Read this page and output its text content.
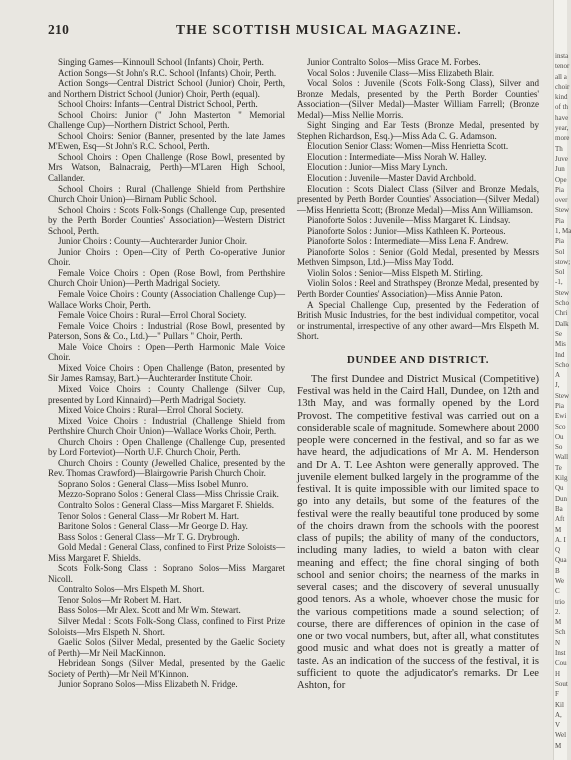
210	THE SCOTTISH MUSICAL MAGAZINE.

Singing Games—Kinnoull School (Infants) Choir, Perth.

Action Songs—St John's R.C. School (Infants) Choir, Perth.

Action Songs—Central District School (Junior) Choir, Perth, and Northern District School (Junior) Choir, Perth (equal).

School Choirs: Infants—Central District School, Perth.

School Choirs: Junior (" John Masterton " Memorial Challenge Cup)—Northern District School, Perth.

School Choirs: Senior (Banner, presented by the late James M'Ewen, Esq—St John's R.C. School, Perth.

School Choirs : Open Challenge (Rose Bowl, presented by Mrs Watson, Balnacraig, Perth)—M'Laren High School, Callander.

School Choirs : Rural (Challenge Shield from Perthshire Church Choir Union)—Birnam Public School.

School Choirs : Scots Folk-Songs (Challenge Cup, presented by the Perth Border Counties' Association)—Western District School, Perth.

Junior Choirs : County—Auchterarder Junior Choir.

Junior Choirs : Open—City of Perth Co-operative Junior Choir.

Female Voice Choirs : Open (Rose Bowl, from Perthshire Church Choir Union)—Perth Madrigal Society.

Female Voice Choirs : County (Association Challenge Cup)—Wallace Works Choir, Perth.

Female Voice Choirs : Rural—Errol Choral Society.

Female Voice Choirs : Industrial (Rose Bowl, presented by Paterson, Sons & Co., Ltd.)—" Pullars " Choir, Perth.

Male Voice Choirs : Open—Perth Harmonic Male Voice Choir.

Mixed Voice Choirs : Open Challenge (Baton, presented by Sir James Ramsay, Bart.)—Auchterarder Institute Choir.

Mixed Voice Choirs : County Challenge (Silver Cup, presented by Lord Kinnaird)—Perth Madrigal Society.

Mixed Voice Choirs : Rural—Errol Choral Society.

Mixed Voice Choirs : Industrial (Challenge Shield from Perthshire Church Choir Union)—Wallace Works Choir, Perth.

Church Choirs : Open Challenge (Challenge Cup, presented by Lord Forteviot)—North U.F. Church Choir, Perth.

Church Choirs : County (Jewelled Chalice, presented by the Rev. Thomas Crawford)—Blairgowrie Parish Church Choir.

Soprano Solos : General Class—Miss Isobel Munro.

Mezzo-Soprano Solos : General Class—Miss Chrissie Craik.

Contralto Solos : General Class—Miss Margaret F. Shields.

Tenor Solos : General Class—Mr Robert M. Hart.

Baritone Solos : General Class—Mr George D. Hay.

Bass Solos : General Class—Mr T. G. Drybrough.

Gold Medal : General Class, confined to First Prize Soloists—Miss Margaret F. Shields.

Scots Folk-Song Class : Soprano Solos—Miss Margaret Nicoll.

Contralto Solos—Mrs Elspeth M. Short.

Tenor Solos—Mr Robert M. Hart.

Bass Solos—Mr Alex. Scott and Mr Wm. Stewart.

Silver Medal : Scots Folk-Song Class, confined to First Prize Soloists—Mrs Elspeth N. Short.

Gaelic Solos (Silver Medal, presented by the Gaelic Society of Perth)—Mr Neil MacKinnon.

Hebridean Songs (Silver Medal, presented by the Gaelic Society of Perth)—Mr Neil M'Kinnon.

Junior Soprano Solos—Miss Elizabeth N. Fridge.

Junior Contralto Solos—Miss Grace M. Forbes.

Vocal Solos : Juvenile Class—Miss Elizabeth Blair.

Vocal Solos : Juvenile (Scots Folk-Song Class), Silver and Bronze Medals, presented by the Perth Border Counties' Association—(Silver Medal)—Master William Farrell; (Bronze Medal)—Miss Nellie Morris.

Sight Singing and Ear Tests (Bronze Medal, presented by Stephen Richardson, Esq.)—Miss Ada C. G. Adamson.

Elocution Senior Class: Women—Miss Henrietta Scott.

Elocution : Intermediate—Miss Norah W. Halley.

Elocution : Junior—Miss Mary Lynch.

Elocution : Juvenile—Master David Archbold.

Elocution : Scots Dialect Class (Silver and Bronze Medals, presented by Perth Border Counties' Association—(Silver Medal)—Miss Henrietta Scott; (Bronze Medal)—Miss Ann Williamson.

Pianoforte Solos : Juvenile—Miss Margaret K. Lindsay.

Pianoforte Solos : Junior—Miss Kathleen K. Porteous.

Pianoforte Solos : Intermediate—Miss Lena F. Andrew.

Pianoforte Solos : Senior (Gold Medal, presented by Messrs Methven Simpson, Ltd.)—Miss May Todd.

Violin Solos : Senior—Miss Elspeth M. Stirling.

Violin Solos : Reel and Strathspey (Bronze Medal, presented by Perth Border Counties' Association)—Miss Annie Paton.

A Special Challenge Cup, presented by the Federation of British Music Industries, for the best individual competitor, vocal or instrumental, irrespective of any other award—Mrs Elspeth M. Short.

DUNDEE AND DISTRICT.

The first Dundee and District Musical (Competitive) Festival was held in the Caird Hall, Dundee, on 12th and 13th May, and was formally opened by the Lord Provost. The competitive festival was carried out on a considerable scale of magnitude. Somewhere about 2000 people were concerned in the festival, and so far as we have heard, the adjudications of Mr A. M. Henderson and Dr A. T. Lee Ashton were generally approved. The juvenile element bulked largely in the programme of the festival. It is quite impossible with our limited space to go into any details, but some of the features of the festival were the really beautiful tone produced by some of the choirs drawn from the schools with the poorest class of pupils; the ability of many of the conductors, including many ladies, to wield a baton with clear meaning and effect; the fine choral singing of both school and senior choirs; the nearness of the marks in several cases; and the discovery of several unusually good tenors. As a whole, whoever chose the music for the various competitions made a sound selection; of course, there are differences of opinion in the case of one or two vocal numbers, but, after all, what constitutes good music and what does not is greatly a matter of taste. As an indication of the success of the festival, it is sufficient to quote the adjudicator's remarks. Dr Lee Ashton, for

insta
tenor
all a
choir
kind
of th
have
year,
more
Th
Juve
Jun
Ope
Pia
over
Stew
Pia
1, Ma
Pia
Sol
stow;
Sol
-1,
Stew
Scho
Chri
Dalk
Se
Mis
Ind
Scho
A
J,
Stew
Pia
Ewi
Sco
Ou
So
Wall
Te
Kilg
Qu
Dun
Ba
Aft
M
A. I
Q
Qua
B
We
C
trio
2.
M
Sch
N
Inst
Cou
H
Sout
F
Kil
A,
V
Wel
M
